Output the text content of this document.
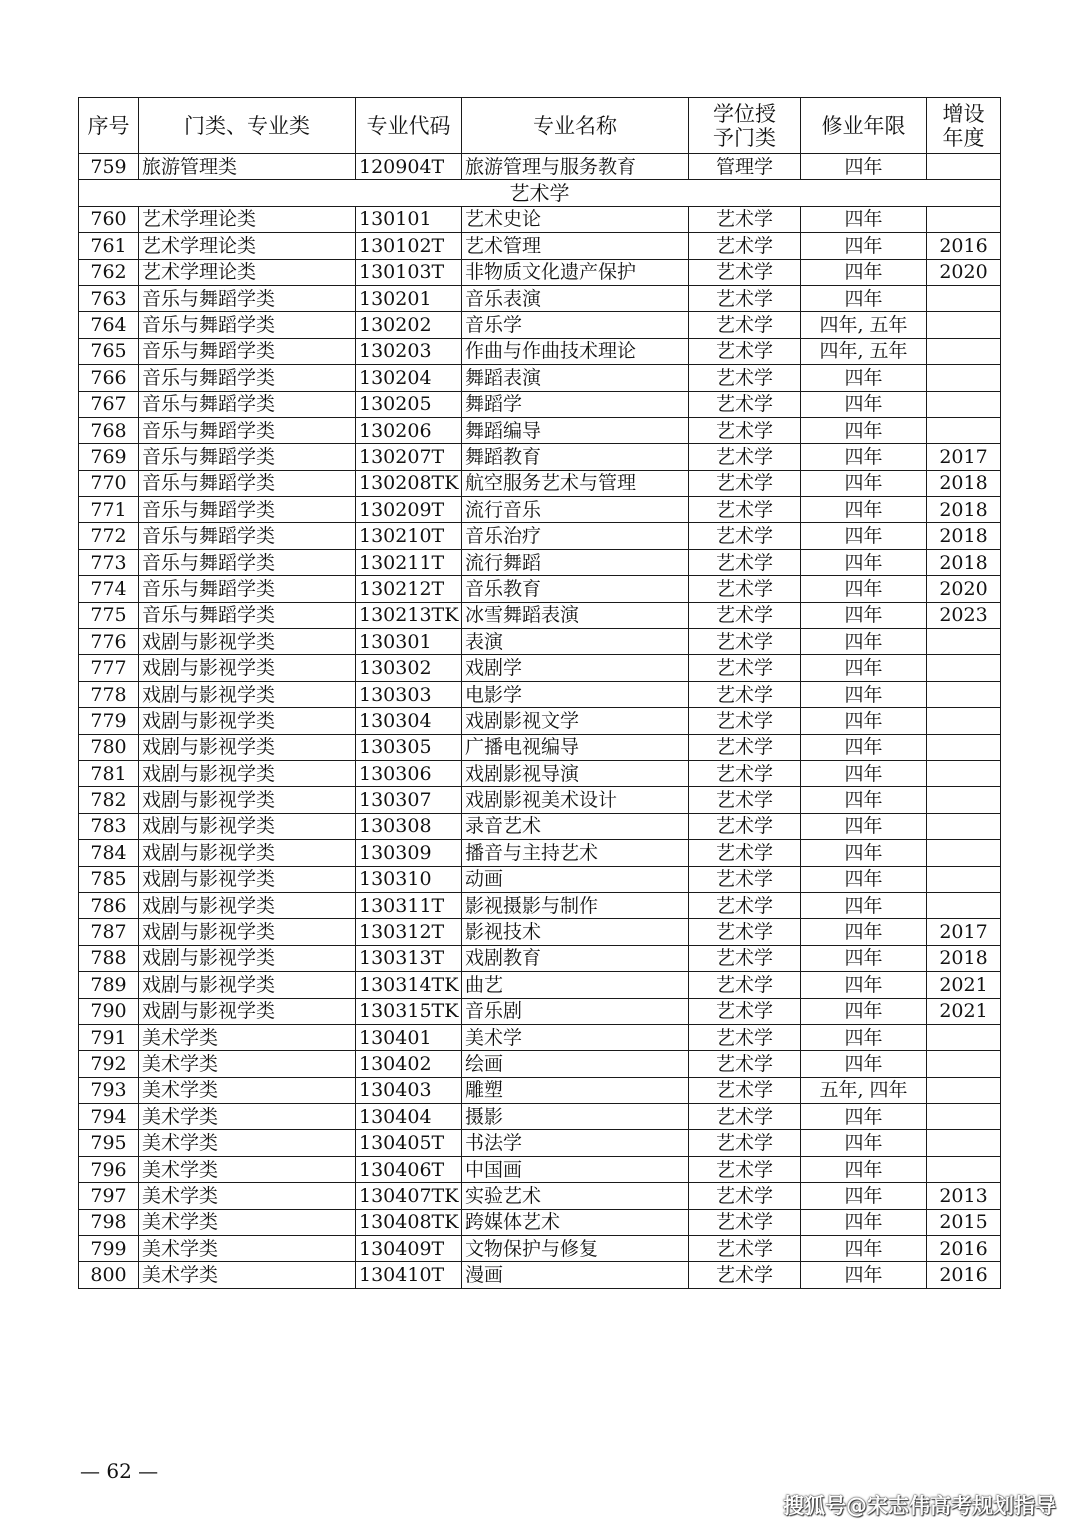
序号	门类、专业类	专业代码	专业名称	学位授予门类	修业年限	增设年度
759	旅游管理类	120904T	旅游管理与服务教育	管理学	四年	
艺术学						
760	艺术学理论类	130101	艺术史论	艺术学	四年	
761	艺术学理论类	130102T	艺术管理	艺术学	四年	2016
762	艺术学理论类	130103T	非物质文化遗产保护	艺术学	四年	2020
763	音乐与舞蹈学类	130201	音乐表演	艺术学	四年	
764	音乐与舞蹈学类	130202	音乐学	艺术学	四年, 五年	
765	音乐与舞蹈学类	130203	作曲与作曲技术理论	艺术学	四年, 五年	
766	音乐与舞蹈学类	130204	舞蹈表演	艺术学	四年	
767	音乐与舞蹈学类	130205	舞蹈学	艺术学	四年	
768	音乐与舞蹈学类	130206	舞蹈编导	艺术学	四年	
769	音乐与舞蹈学类	130207T	舞蹈教育	艺术学	四年	2017
770	音乐与舞蹈学类	130208TK	航空服务艺术与管理	艺术学	四年	2018
771	音乐与舞蹈学类	130209T	流行音乐	艺术学	四年	2018
772	音乐与舞蹈学类	130210T	音乐治疗	艺术学	四年	2018
773	音乐与舞蹈学类	130211T	流行舞蹈	艺术学	四年	2018
774	音乐与舞蹈学类	130212T	音乐教育	艺术学	四年	2020
775	音乐与舞蹈学类	130213TK	冰雪舞蹈表演	艺术学	四年	2023
776	戏剧与影视学类	130301	表演	艺术学	四年	
777	戏剧与影视学类	130302	戏剧学	艺术学	四年	
778	戏剧与影视学类	130303	电影学	艺术学	四年	
779	戏剧与影视学类	130304	戏剧影视文学	艺术学	四年	
780	戏剧与影视学类	130305	广播电视编导	艺术学	四年	
781	戏剧与影视学类	130306	戏剧影视导演	艺术学	四年	
782	戏剧与影视学类	130307	戏剧影视美术设计	艺术学	四年	
783	戏剧与影视学类	130308	录音艺术	艺术学	四年	
784	戏剧与影视学类	130309	播音与主持艺术	艺术学	四年	
785	戏剧与影视学类	130310	动画	艺术学	四年	
786	戏剧与影视学类	130311T	影视摄影与制作	艺术学	四年	
787	戏剧与影视学类	130312T	影视技术	艺术学	四年	2017
788	戏剧与影视学类	130313T	戏剧教育	艺术学	四年	2018
789	戏剧与影视学类	130314TK	曲艺	艺术学	四年	2021
790	戏剧与影视学类	130315TK	音乐剧	艺术学	四年	2021
791	美术学类	130401	美术学	艺术学	四年	
792	美术学类	130402	绘画	艺术学	四年	
793	美术学类	130403	雕塑	艺术学	五年, 四年	
794	美术学类	130404	摄影	艺术学	四年	
795	美术学类	130405T	书法学	艺术学	四年	
796	美术学类	130406T	中国画	艺术学	四年	
797	美术学类	130407TK	实验艺术	艺术学	四年	2013
798	美术学类	130408TK	跨媒体艺术	艺术学	四年	2015
799	美术学类	130409T	文物保护与修复	艺术学	四年	2016
800	美术学类	130410T	漫画	艺术学	四年	2016
— 62 —
搜狐号@宋志伟高考规划指导
